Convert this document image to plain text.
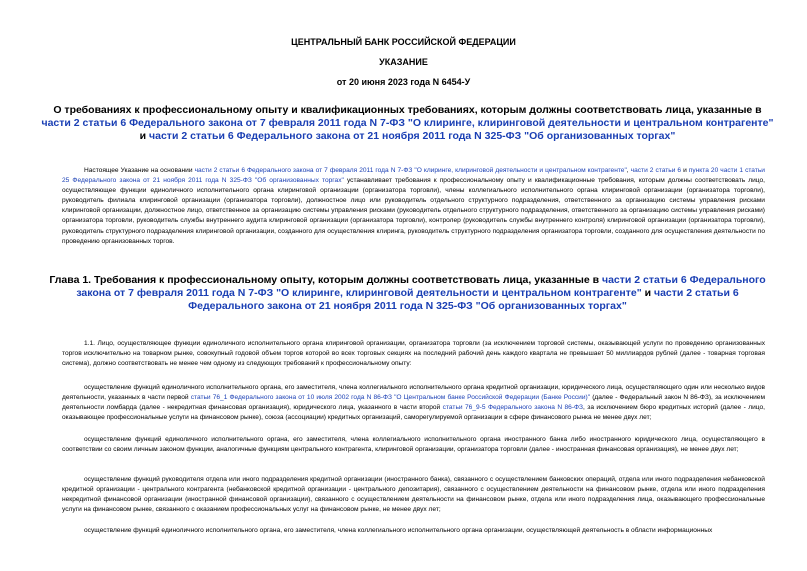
ЦЕНТРАЛЬНЫЙ БАНК РОССИЙСКОЙ ФЕДЕРАЦИИ
УКАЗАНИЕ
от 20 июня 2023 года N 6454-У
О требованиях к профессиональному опыту и квалификационных требованиях, которым должны соответствовать лица, указанные в части 2 статьи 6 Федерального закона от 7 февраля 2011 года N 7-ФЗ "О клиринге, клиринговой деятельности и центральном контрагенте" и части 2 статьи 6 Федерального закона от 21 ноября 2011 года N 325-ФЗ "Об организованных торгах"
Настоящее Указание на основании части 2 статьи 6 Федерального закона от 7 февраля 2011 года N 7-ФЗ "О клиринге, клиринговой деятельности и центральном контрагенте", части 2 статьи 6 и пункта 20 части 1 статьи 25 Федерального закона от 21 ноября 2011 года N 325-ФЗ "Об организованных торгах" устанавливает требования к профессиональному опыту и квалификационные требования, которым должны соответствовать лицо, осуществляющее функции единоличного исполнительного органа клиринговой организации (организатора торговли), члены коллегиального исполнительного органа клиринговой организации (организатора торговли), руководитель филиала клиринговой организации (организатора торговли), должностное лицо или руководитель отдельного структурного подразделения, ответственного за организацию системы управления рисками клиринговой организации, должностное лицо, ответственное за организацию системы управления рисками (руководитель отдельного структурного подразделения, ответственного за организацию системы управления рисками) организатора торговли, руководитель службы внутреннего аудита клиринговой организации (организатора торговли), контролер (руководитель службы внутреннего контроля) клиринговой организации (организатора торговли), руководитель структурного подразделения клиринговой организации, созданного для осуществления клиринга, руководитель структурного подразделения организатора торговли, созданного для осуществления деятельности по проведению организованных торгов.
Глава 1. Требования к профессиональному опыту, которым должны соответствовать лица, указанные в части 2 статьи 6 Федерального закона от 7 февраля 2011 года N 7-ФЗ "О клиринге, клиринговой деятельности и центральном контрагенте" и части 2 статьи 6 Федерального закона от 21 ноября 2011 года N 325-ФЗ "Об организованных торгах"
1.1. Лицо, осуществляющее функции единоличного исполнительного органа клиринговой организации, организатора торговли (за исключением торговой системы, оказывающей услуги по проведению организованных торгов исключительно на товарном рынке, совокупный годовой объем торгов которой во всех торговых секциях на последний рабочий день каждого квартала не превышает 50 миллиардов рублей (далее - товарная торговая система), должно соответствовать не менее чем одному из следующих требований к профессиональному опыту:
осуществление функций единоличного исполнительного органа, его заместителя, члена коллегиального исполнительного органа кредитной организации, юридического лица, осуществляющего один или несколько видов деятельности, указанных в части первой статьи 76_1 Федерального закона от 10 июля 2002 года N 86-ФЗ "О Центральном банке Российской Федерации (Банке России)" (далее - Федеральный закон N 86-ФЗ), за исключением деятельности ломбарда (далее - некредитная финансовая организация), юридического лица, указанного в части второй статьи 76_9-5 Федерального закона N 86-ФЗ, за исключением бюро кредитных историй (далее - лицо, оказывающее профессиональные услуги на финансовом рынке), союза (ассоциации) кредитных организаций, саморегулируемой организации в сфере финансового рынка не менее двух лет;
осуществление функций единоличного исполнительного органа, его заместителя, члена коллегиального исполнительного органа иностранного банка либо иностранного юридического лица, осуществляющего в соответствии со своим личным законом функции, аналогичные функциям центрального контрагента, клиринговой организации, организатора торговли (далее - иностранная финансовая организация), не менее двух лет;
осуществление функций руководителя отдела или иного подразделения кредитной организации (иностранного банка), связанного с осуществлением банковских операций, отдела или иного подразделения небанковской кредитной организации - центрального контрагента (небанковской кредитной организации - центрального депозитария), связанного с осуществлением деятельности на финансовом рынке, отдела или иного подразделения некредитной финансовой организации (иностранной финансовой организации), связанного с осуществлением деятельности на финансовом рынке, отдела или иного подразделения лица, оказывающего профессиональные услуги на финансовом рынке, связанного с оказанием профессиональных услуг на финансовом рынке, не менее двух лет;
осуществление функций единоличного исполнительного органа, его заместителя, члена коллегиального исполнительного органа организации, осуществляющей деятельность в области информационных
